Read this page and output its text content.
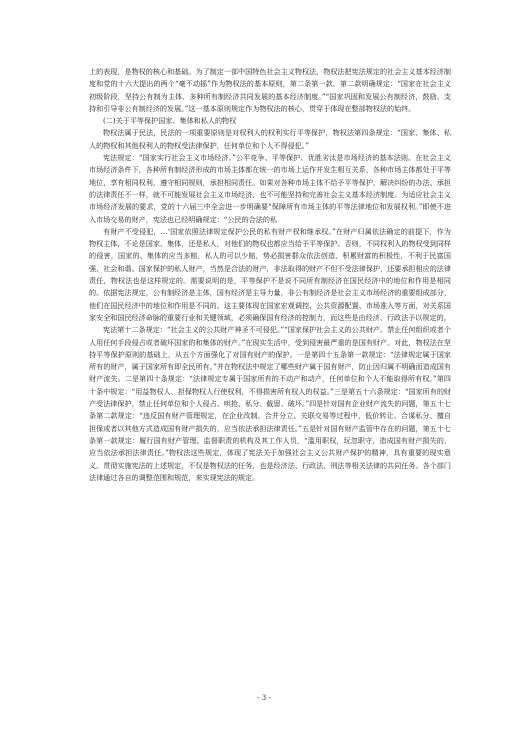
上的表现，是物权的核心和基础。为了制定一部中国特色社会主义物权法，物权法把宪法规定的社会主义基本经济制度和党的十六大提出的两个“毫不动摇”作为物权法的基本原则，第二条第一款、第二款明确规定：“国家在社会主义初级阶段，坚持公有制为主体、多种所有制经济共同发展的基本经济制度。”“国家巩固和发展公有制经济，鼓励、支持和引导非公有制经济的发展。”这一基本原则规定作为物权法的核心，贯穿于体现在整部物权法的始终。

(二)关于平等保护国家、集体和私人的物权

物权法属于民法，民法的一项重要原则是对权利人的权利实行平等保护，物权法第四条规定：“国家、集体、私人的物权和其他权利人的物权受法律保护，任何单位和个人不得侵犯。”

宪法规定：“国家实行社会主义市场经济。”公平竞争、平等保护、优胜劣汰是市场经济的基本法则。在社会主义市场经济条件下，各种所有制经济形成的市场主体都在统一的市场上运作并发生相互关系，各种市场主体都处于平等地位，享有相同权利，遵守相同规则，承担相同责任。如果对各种市场主体不给予平等保护，解决纠纷的办法、承担的法律责任不一样，就不可能发展社会主义市场经济，也不可能坚持和完善社会主义基本经济制度。为适应社会主义市场经济发展的要求，党的十六届三中全会进一步明确要“保障所有市场主体的平等法律地位和发展权利。”即使不进入市场交易的财产，宪法也已经明确规定：“公民的合法的私

有财产不受侵犯，…‘国家依照法律规定保护公民的私有财产权和继承权。”在财产归属依法确定的前提下，作为物权主体，不论是国家、集体，还是私人，对他们的物权也都应当给予平等保护。否则，不同权利人的物权受到同样的侵害，国家的、集体的应当多赔，私人的可以少赔，势必损害群众依法创造、积累财富的积极性，不利于民富国强、社会和谐。国家保护的私人财产，当然是合法的财产，非法取得的财产不但不受法律保护，还要承担相应的法律责任，物权法也是这样规定的。需要说明的是，平等保护不是说不同所有制经济在国民经济中的地位和作用是相同的。依据宪法规定，公有制经济是主体，国有经济是主导力量，非公有制经济是社会主义市场经济的重要组成部分，他们在国民经济中的地位和作用是不同的。这主要体现在国家宏观调控、公共资源配置、市场准入等方面，对关系国家安全和国民经济命脉的重要行业和关键领域，必须确保国有经济的控制力，而这些是由经济、行政法予以规定的。

宪法第十二条规定：“社会主义的公共财产神圣不可侵犯。”“国家保护社会主义的公共财产。禁止任何组织或者个人用任何手段侵占或者破坏国家的和集体的财产。”在现实生活中，受到侵害最严重的是国有财产。对此，物权法在坚持平等保护原则的基础上，从五个方面强化了对国有财产的保护。一是第四十五条第一款规定：“法律规定属于国家所有的财产，属于国家所有即全民所有。”并在物权法中规定了哪些财产属于国有财产，防止因归属不明确而造成国有财产流失。二是第四十条规定：“法律规定专属于国家所有的不动产和动产，任何单位和个人不能取得所有权。”第四十条中规定：“用益物权人、担保物权人行使权利，不得损害所有权人的权益。”三是第五十六条规定：“国家所有的财产受法律保护，禁止任何单位和个人侵占、哄抢、私分、截留、破坏。”四是针对国有企业财产流失的问题，第五十七条第二款规定：“违反国有财产管理规定，在企业改制、合并分立、关联交易等过程中，低价转让、合谋私分、擅自担保或者以其他方式造成国有财产损失的，应当依法承担法律责任。”五是针对国有财产监管中存在的问题，第五十七条第一款规定：履行国有财产管理、监督职责的机构及其工作人员，“滥用职权，玩忽职守，造成国有财产损失的，应当依法承担法律责任。”物权法这些规定，体现了宪法关于加强社会主义公共财产保护的精神，具有重要的现实意义。贯彻实施宪法的上述规定，不仅是物权法的任务，也是经济法、行政法、刑法等相关法律的共同任务。各个部门法律通过各自的调整范围和规范，来实现宪法的规定。

- 3 -
